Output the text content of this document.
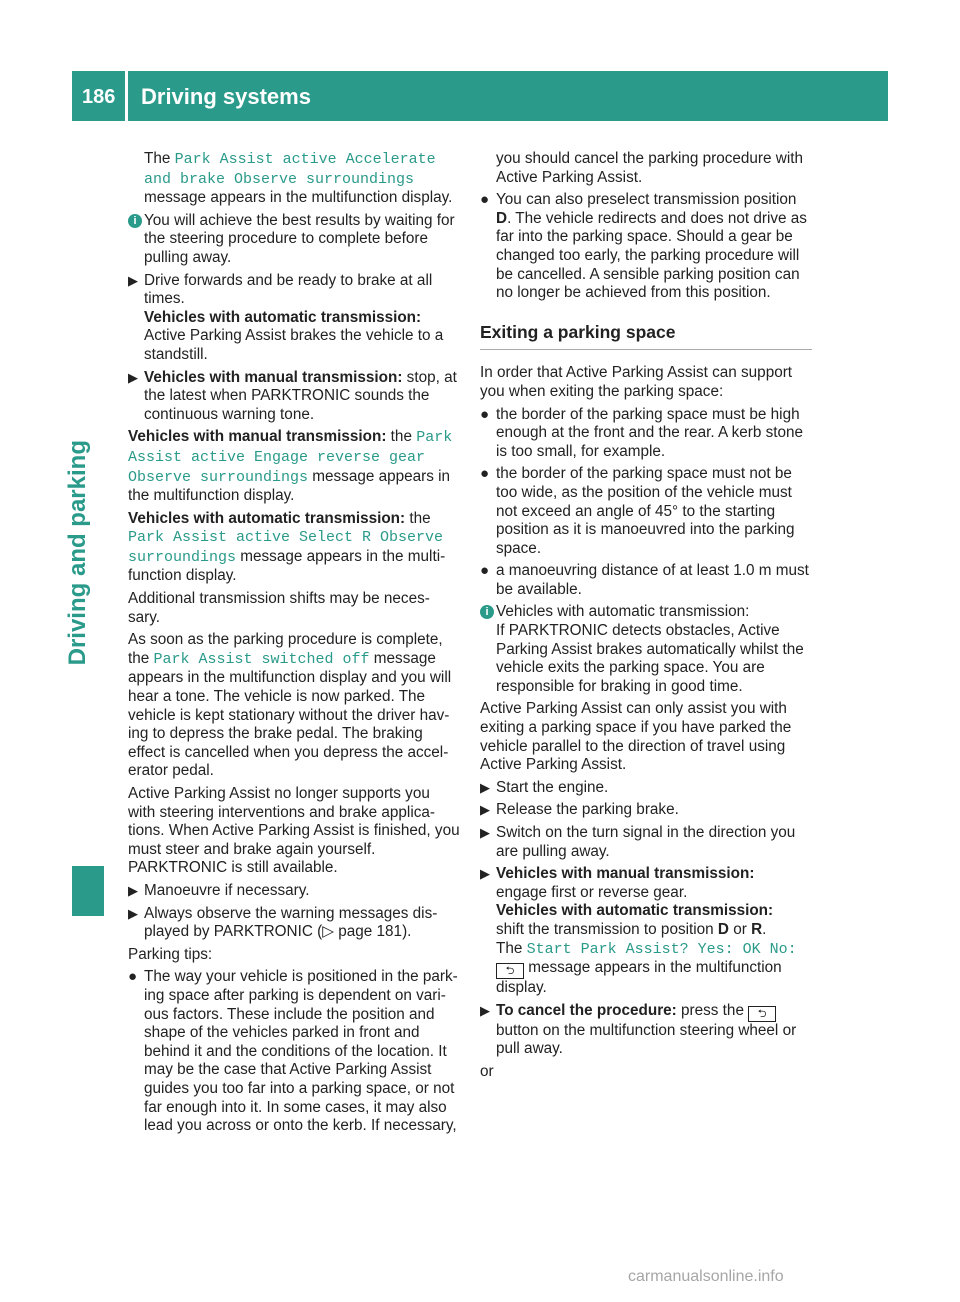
186 Driving systems
Driving and parking

The Park Assist active Accelerate and brake Observe surroundings message appears in the multifunction display.

i You will achieve the best results by waiting for the steering procedure to complete before pulling away.
▶ Drive forwards and be ready to brake at all times.
Vehicles with automatic transmission:
Active Parking Assist brakes the vehicle to a standstill.
▶ Vehicles with manual transmission: stop, at the latest when PARKTRONIC sounds the continuous warning tone.

Vehicles with manual transmission: the Park Assist active Engage reverse gear Observe surroundings message appears in the multifunction display.

Vehicles with automatic transmission: the Park Assist active Select R Observe surroundings message appears in the multi-function display.

Additional transmission shifts may be neces-sary.

As soon as the parking procedure is complete, the Park Assist switched off message appears in the multifunction display and you will hear a tone. The vehicle is now parked. The vehicle is kept stationary without the driver hav-ing to depress the brake pedal. The braking effect is cancelled when you depress the accel-erator pedal.

Active Parking Assist no longer supports you with steering interventions and brake applica-tions. When Active Parking Assist is finished, you must steer and brake again yourself. PARKTRONIC is still available.

▶ Manoeuvre if necessary.
▶ Always observe the warning messages dis-played by PARKTRONIC (▷ page 181).

Parking tips:

● The way your vehicle is positioned in the park-ing space after parking is dependent on vari-ous factors. These include the position and shape of the vehicles parked in front and behind it and the conditions of the location. It may be the case that Active Parking Assist guides you too far into a parking space, or not far enough into it. In some cases, it may also lead you across or onto the kerb. If necessary,

you should cancel the parking procedure with Active Parking Assist.

● You can also preselect transmission position D. The vehicle redirects and does not drive as far into the parking space. Should a gear be changed too early, the parking procedure will be cancelled. A sensible parking position can no longer be achieved from this position.
Exiting a parking space

In order that Active Parking Assist can support you when exiting the parking space:

● the border of the parking space must be high enough at the front and the rear. A kerb stone is too small, for example.
● the border of the parking space must not be too wide, as the position of the vehicle must not exceed an angle of 45° to the starting position as it is manoeuvred into the parking space.
● a manoeuvring distance of at least 1.0 m must be available.
i Vehicles with automatic transmission:
If PARKTRONIC detects obstacles, Active Parking Assist brakes automatically whilst the vehicle exits the parking space. You are responsible for braking in good time.

Active Parking Assist can only assist you with exiting a parking space if you have parked the vehicle parallel to the direction of travel using Active Parking Assist.

▶ Start the engine.
▶ Release the parking brake.
▶ Switch on the turn signal in the direction you are pulling away.
▶ Vehicles with manual transmission:
engage first or reverse gear.
Vehicles with automatic transmission:
shift the transmission to position D or R.
The Start Park Assist? Yes: OK No:
⮌ message appears in the multifunction display.
▶ To cancel the procedure: press the ⮌ button on the multifunction steering wheel or pull away.

or

carmanualsonline.info
